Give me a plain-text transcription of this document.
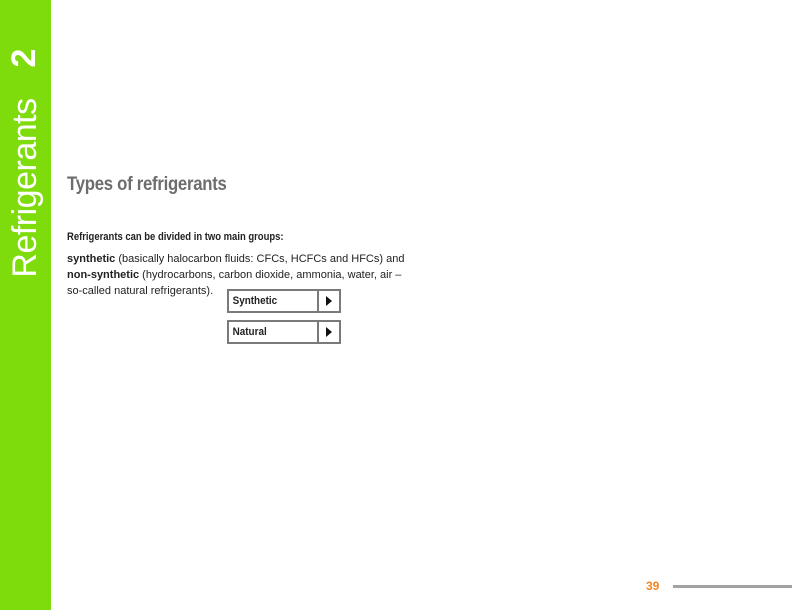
2
Refrigerants Types of refrigerants
Refrigerants can be divided in two main groups:
synthetic (basically halocarbon fluids: CFCs, HCFCs and HFCs) and
non-synthetic (hydrocarbons, carbon dioxide, ammonia, water, air – so-called natural refrigerants).
Synthetic
Natural
39
